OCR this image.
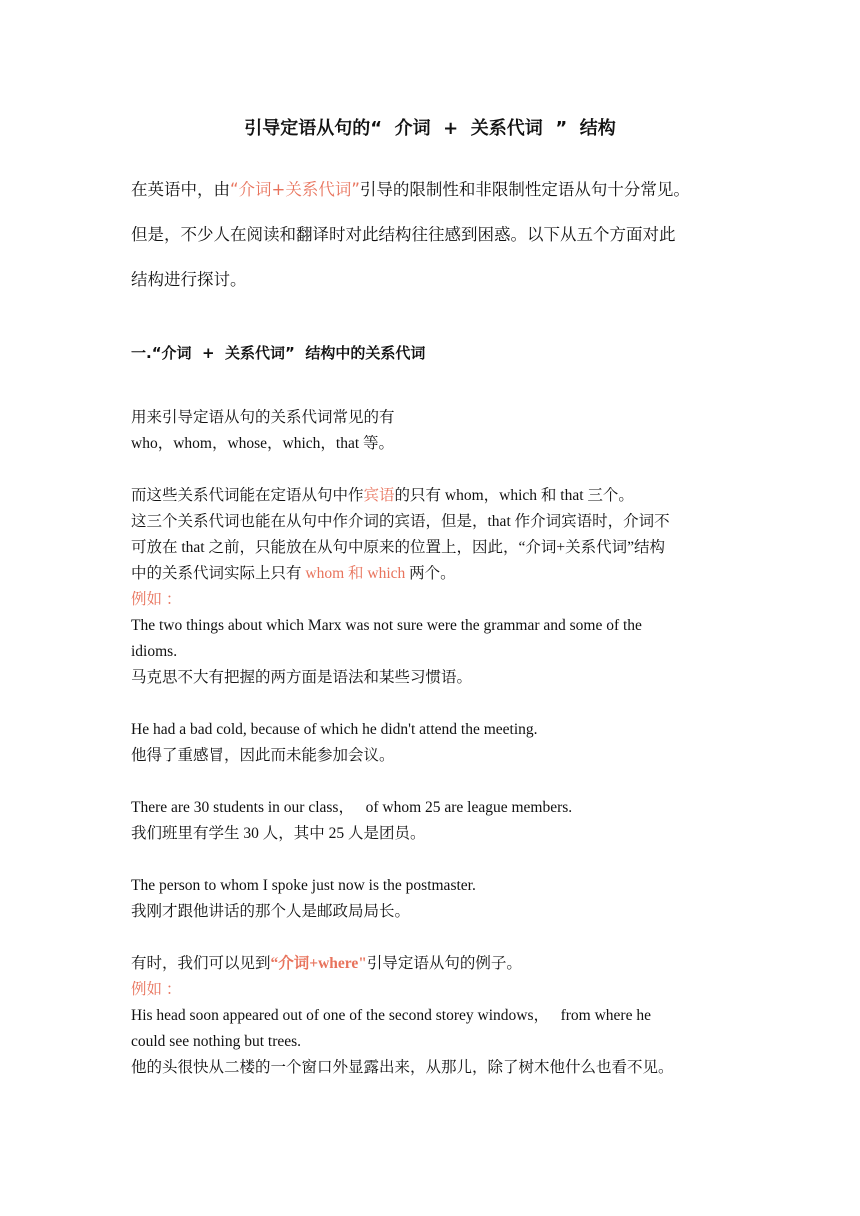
引导定语从句的“  介词  +  关系代词  ”  结构
在英语中，由“介词+关系代词”引导的限制性和非限制性定语从句十分常见。
但是，不少人在阅读和翻译时对此结构往往感到困惑。以下从五个方面对此
结构进行探讨。
一.“介词  +  关系代词”  结构中的关系代词
用来引导定语从句的关系代词常见的有
who，whom，whose，which，that 等。
而这些关系代词能在定语从句中作宾语的只有 whom，which 和 that 三个。
这三个关系代词也能在从句中作介词的宾语，但是，that 作介词宾语时，介词不
可放在 that 之前，只能放在从句中原来的位置上，因此，“介词+关系代词”结构
中的关系代词实际上只有 whom 和 which 两个。
例如 ：
The two things about which Marx was not sure were the grammar and some of the
idioms.
马克思不大有把握的两方面是语法和某些习惯语。
He had a bad cold, because of which he didn't attend the meeting.
他得了重感冒，因此而未能参加会议。
There are 30 students in our class，   of whom 25 are league members.
我们班里有学生 30 人，其中 25 人是团员。
The person to whom I spoke just now is the postmaster.
我刚才跟他讲话的那个人是邮政局局长。
有时，我们可以见到“介词+where"引导定语从句的例子。
例如 ：
His head soon appeared out of one of the second storey windows，   from where he
could see nothing but trees.
他的头很快从二楼的一个窗口外显露出来，从那儿，除了树木他什么也看不见。
